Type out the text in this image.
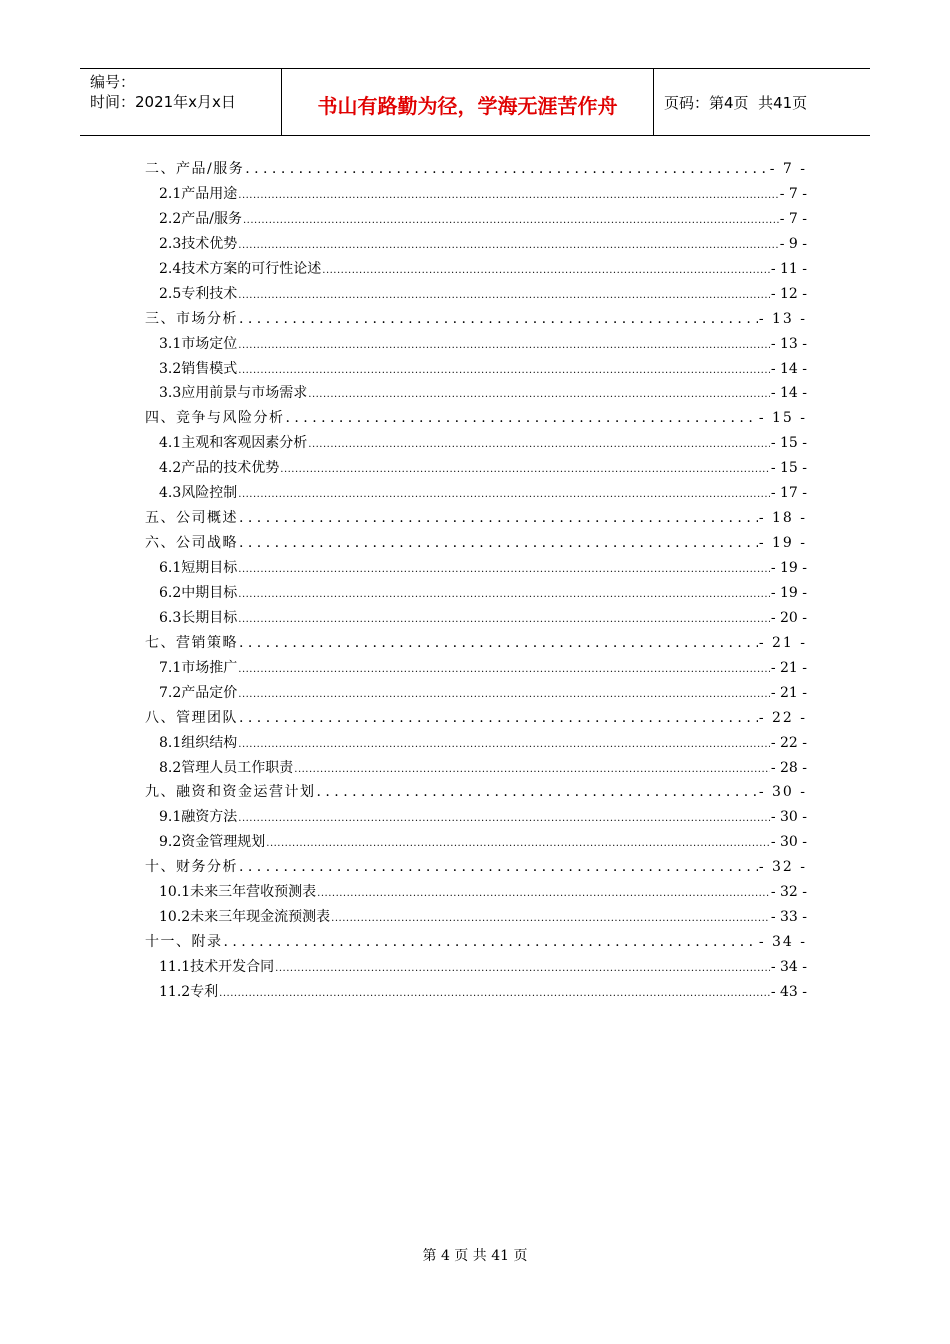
编号：
时间：2021年x月x日	书山有路勤为径，学海无涯苦作舟	页码：第4页  共41页
二、产品/服务 . . .	- 7 -
2.1产品用途 .....	- 7 -
2.2产品/服务 .....	- 7 -
2.3技术优势 .....	- 9 -
2.4技术方案的可行性论述 .....	- 11 -
2.5专利技术 .....	- 12 -
三、市场分析 . . .	- 13 -
3.1市场定位 .....	- 13 -
3.2销售模式 .....	- 14 -
3.3应用前景与市场需求 .....	- 14 -
四、竞争与风险分析 . . .	- 15 -
4.1主观和客观因素分析 .....	- 15 -
4.2产品的技术优势 .....	- 15 -
4.3风险控制 .....	- 17 -
五、公司概述 . . .	- 18 -
六、公司战略 . . .	- 19 -
6.1短期目标 .....	- 19 -
6.2中期目标 .....	- 19 -
6.3长期目标 .....	- 20 -
七、营销策略 . . .	- 21 -
7.1市场推广 .....	- 21 -
7.2产品定价 .....	- 21 -
八、管理团队 . . .	- 22 -
8.1组织结构 .....	- 22 -
8.2管理人员工作职责 .....	- 28 -
九、融资和资金运营计划 . . .	- 30 -
9.1融资方法 .....	- 30 -
9.2资金管理规划 .....	- 30 -
十、财务分析 . . .	- 32 -
10.1未来三年营收预测表 .....	- 32 -
10.2未来三年现金流预测表 .....	- 33 -
十一、附录 . . .	- 34 -
11.1技术开发合同 .....	- 34 -
11.2专利 .....	- 43 -
第 4 页 共 41 页
